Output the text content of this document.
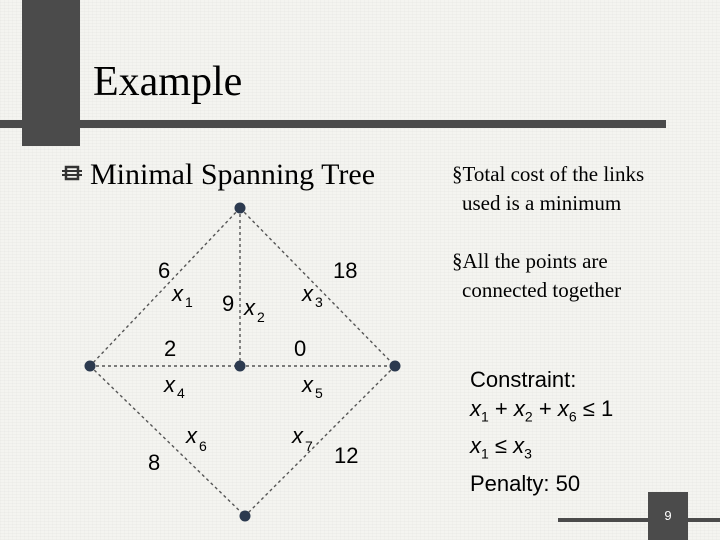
Example
Minimal Spanning Tree	§Total cost of the links
used is a minimum
§All the points are
connected together
Constraint:
$x_1 + x_2 + x_6 \le 1$
$x_1 \le x_3$
Penalty: 50
6
9
18
2	0
8	12
x 1 x 2
x 3
x 4	x 5
x 6	x 7
9
